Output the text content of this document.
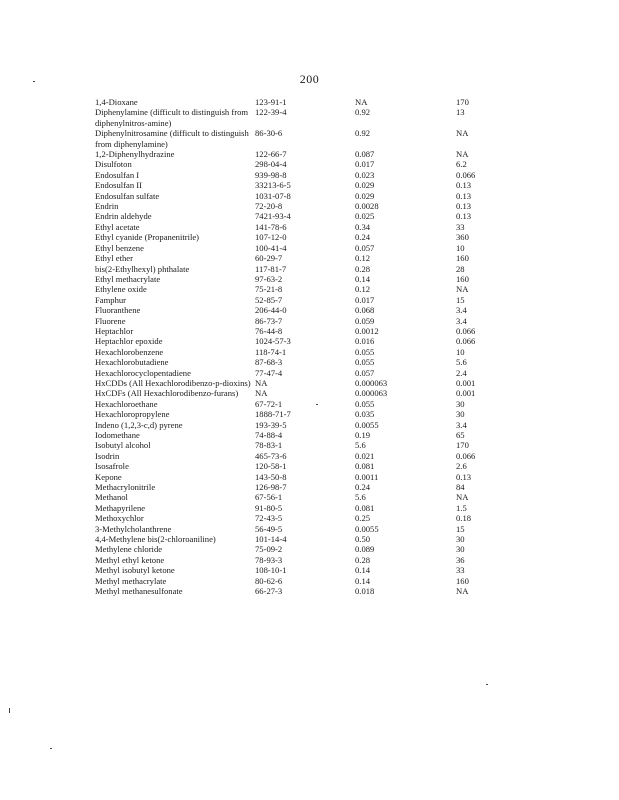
200
1,4-Dioxane	123-91-1	NA	170
Diphenylamine (difficult to distinguish from diphenylnitros-amine)	122-39-4	0.92	13
Diphenylnitrosamine (difficult to distinguish from diphenylamine)	86-30-6	0.92	NA
1,2-Diphenylhydrazine	122-66-7	0.087	NA
Disulfoton	298-04-4	0.017	6.2
Endosulfan I	939-98-8	0.023	0.066
Endosulfan II	33213-6-5	0.029	0.13
Endosulfan sulfate	1031-07-8	0.029	0.13
Endrin	72-20-8	0.0028	0.13
Endrin aldehyde	7421-93-4	0.025	0.13
Ethyl acetate	141-78-6	0.34	33
Ethyl cyanide (Propanenitrile)	107-12-0	0.24	360
Ethyl benzene	100-41-4	0.057	10
Ethyl ether	60-29-7	0.12	160
bis(2-Ethylhexyl) phthalate	117-81-7	0.28	28
Ethyl methacrylate	97-63-2	0.14	160
Ethylene oxide	75-21-8	0.12	NA
Famphur	52-85-7	0.017	15
Fluoranthene	206-44-0	0.068	3.4
Fluorene	86-73-7	0.059	3.4
Heptachlor	76-44-8	0.0012	0.066
Heptachlor epoxide	1024-57-3	0.016	0.066
Hexachlorobenzene	118-74-1	0.055	10
Hexachlorobutadiene	87-68-3	0.055	5.6
Hexachlorocyclopentadiene	77-47-4	0.057	2.4
HxCDDs (All Hexachlorodibenzo-p-dioxins)	NA	0.000063	0.001
HxCDFs (All Hexachlorodibenzo-furans)	NA	0.000063	0.001
Hexachloroethane	67-72-1	0.055	30
Hexachloropropylene	1888-71-7	0.035	30
Indeno (1,2,3-c,d) pyrene	193-39-5	0.0055	3.4
Iodomethane	74-88-4	0.19	65
Isobutyl alcohol	78-83-1	5.6	170
Isodrin	465-73-6	0.021	0.066
Isosafrole	120-58-1	0.081	2.6
Kepone	143-50-8	0.0011	0.13
Methacrylonitrile	126-98-7	0.24	84
Methanol	67-56-1	5.6	NA
Methapyrilene	91-80-5	0.081	1.5
Methoxychlor	72-43-5	0.25	0.18
3-Methylcholanthrene	56-49-5	0.0055	15
4,4-Methylene bis(2-chloroaniline)	101-14-4	0.50	30
Methylene chloride	75-09-2	0.089	30
Methyl ethyl ketone	78-93-3	0.28	36
Methyl isobutyl ketone	108-10-1	0.14	33
Methyl methacrylate	80-62-6	0.14	160
Methyl methanesulfonate	66-27-3	0.018	NA
